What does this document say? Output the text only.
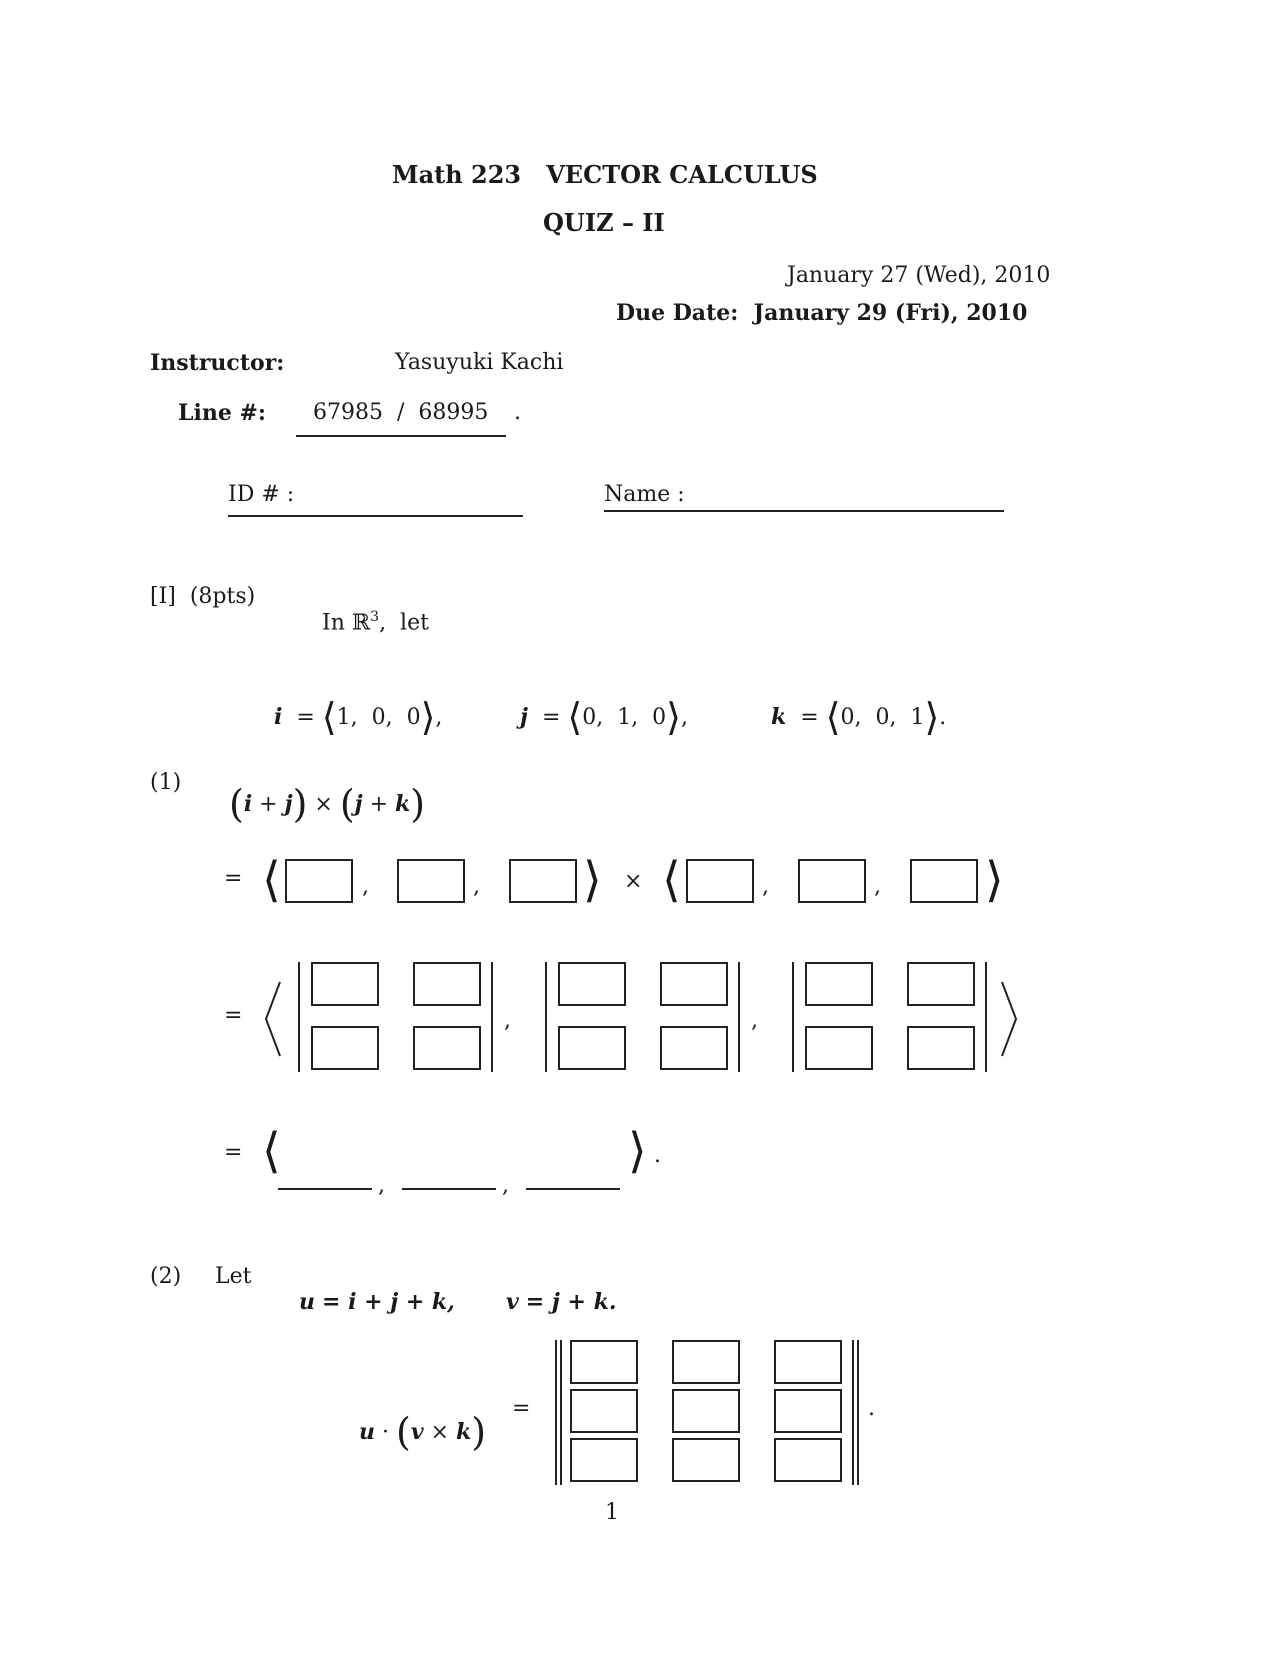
Math 223 VECTOR CALCULUS
QUIZ – II
January 27 (Wed), 2010
Due Date: January 29 (Fri), 2010
Instructor:	Yasuyuki Kachi
Line #: 67985  /  68995 .
ID # :	Name :
[I]  (8pts)

In ℝ$^3$,  let

i  = ⟨1,  0,  0⟩,	j  = ⟨0,  1,  0⟩,	k  = ⟨0,  0,  1⟩.

(1)	(i + j) × (j + k)

= ⟨	,	, ⟩ × ⟨	,	, ⟩
=	,	,
= ⟨
,	,
⟩ .
(2) Let

u = i + j + k,	v = j + k.

u · (v × k)

=	.
1
